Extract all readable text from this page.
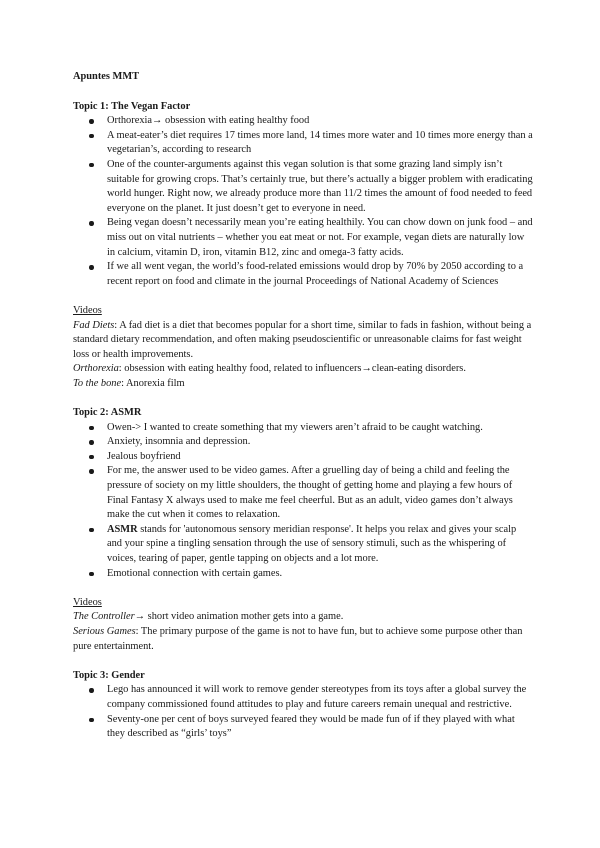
Apuntes MMT

Topic 1: The Vegan Factor

Orthorexia→ obsession with eating healthy food
A meat-eater’s diet requires 17 times more land, 14 times more water and 10 times more energy than a vegetarian’s, according to research
One of the counter-arguments against this vegan solution is that some grazing land simply isn’t suitable for growing crops. That’s certainly true, but there’s actually a bigger problem with eradicating world hunger. Right now, we already produce more than 11/2 times the amount of food needed to feed everyone on the planet. It just doesn’t get to everyone in need.
Being vegan doesn’t necessarily mean you’re eating healthily. You can chow down on junk food – and miss out on vital nutrients – whether you eat meat or not. For example, vegan diets are naturally low in calcium, vitamin D, iron, vitamin B12, zinc and omega-3 fatty acids.
If we all went vegan, the world’s food-related emissions would drop by 70% by 2050 according to a recent report on food and climate in the journal Proceedings of National Academy of Sciences

Videos

Fad Diets: A fad diet is a diet that becomes popular for a short time, similar to fads in fashion, without being a standard dietary recommendation, and often making pseudoscientific or unreasonable claims for fast weight loss or health improvements.

Orthorexia: obsession with eating healthy food, related to influencers→clean-eating disorders.

To the bone: Anorexia film

Topic 2: ASMR

Owen-> I wanted to create something that my viewers aren’t afraid to be caught watching.
Anxiety, insomnia and depression.
Jealous boyfriend
For me, the answer used to be video games. After a gruelling day of being a child and feeling the pressure of society on my little shoulders, the thought of getting home and playing a few hours of Final Fantasy X always used to make me feel cheerful. But as an adult, video games don’t always make the cut when it comes to relaxation.
ASMR stands for 'autonomous sensory meridian response'. It helps you relax and gives your scalp and your spine a tingling sensation through the use of sensory stimuli, such as the whispering of voices, tearing of paper, gentle tapping on objects and a lot more.
Emotional connection with certain games.

Videos

The Controller→ short video animation mother gets into a game.

Serious Games: The primary purpose of the game is not to have fun, but to achieve some purpose other than pure entertainment.

Topic 3: Gender

Lego has announced it will work to remove gender stereotypes from its toys after a global survey the company commissioned found attitudes to play and future careers remain unequal and restrictive.
Seventy-one per cent of boys surveyed feared they would be made fun of if they played with what they described as “girls’ toys”
